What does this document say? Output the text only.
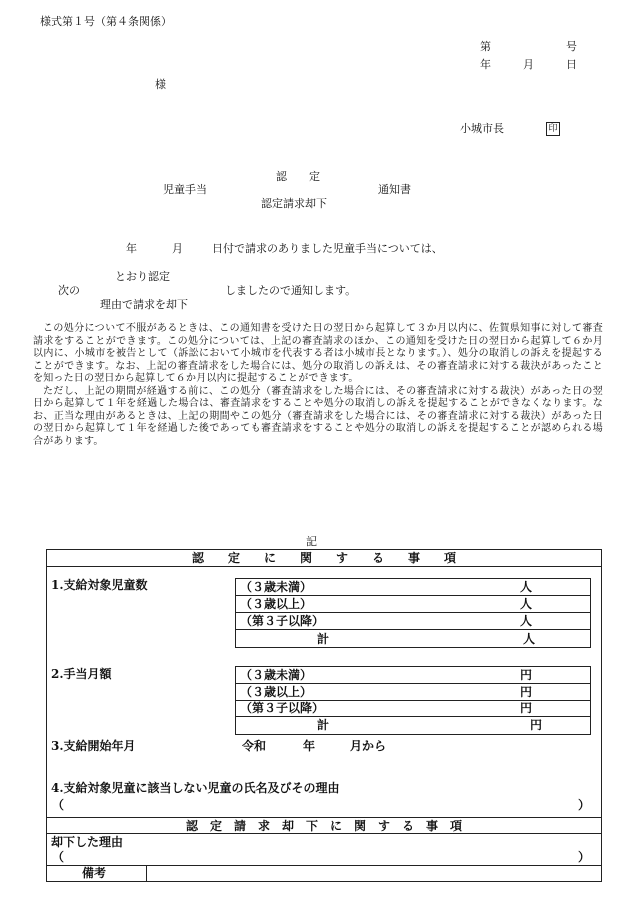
様式第１号（第４条関係）
第	号
年	月	日
様
小城市長	印
認　　定
児童手当	通知書
認定請求却下
年	月	日付で請求のありました児童手当については、
とおり認定
次の	しましたので通知します。
理由で請求を却下

この処分について不服があるときは、この通知書を受けた日の翌日から起算して３か月以内に、佐賀県知事に対して審査請求をすることができます。この処分については、上記の審査請求のほか、この通知を受けた日の翌日から起算して６か月以内に、小城市を被告として（訴訟において小城市を代表する者は小城市長となります。）、処分の取消しの訴えを提起することができます。なお、上記の審査請求をした場合には、処分の取消しの訴えは、その審査請求に対する裁決があったことを知った日の翌日から起算して６か月以内に提起することができます。

ただし、上記の期間が経過する前に、この処分（審査請求をした場合には、その審査請求に対する裁決）があった日の翌日から起算して１年を経過した場合は、審査請求をすることや処分の取消しの訴えを提起することができなくなります。なお、正当な理由があるときは、上記の期間やこの処分（審査請求をした場合には、その審査請求に対する裁決）があった日の翌日から起算して１年を経過した後であっても審査請求をすることや処分の取消しの訴えを提起することが認められる場合があります。

記
認　　定　　に　　関　　す　　る　　事　　項
1.支給対象児童数	（３歳未満）	人
（３歳以上）	人
（第３子以降）	人
計	人
2.手当月額	（３歳未満）	円
（３歳以上）	円
（第３子以降）	円
計	円
3.支給開始年月	令和	年	月から
4.支給対象児童に該当しない児童の氏名及びその理由
（	）
認　定　請　求　却　下　に　関　す　る　事　項
却下した理由
（	）
備考
